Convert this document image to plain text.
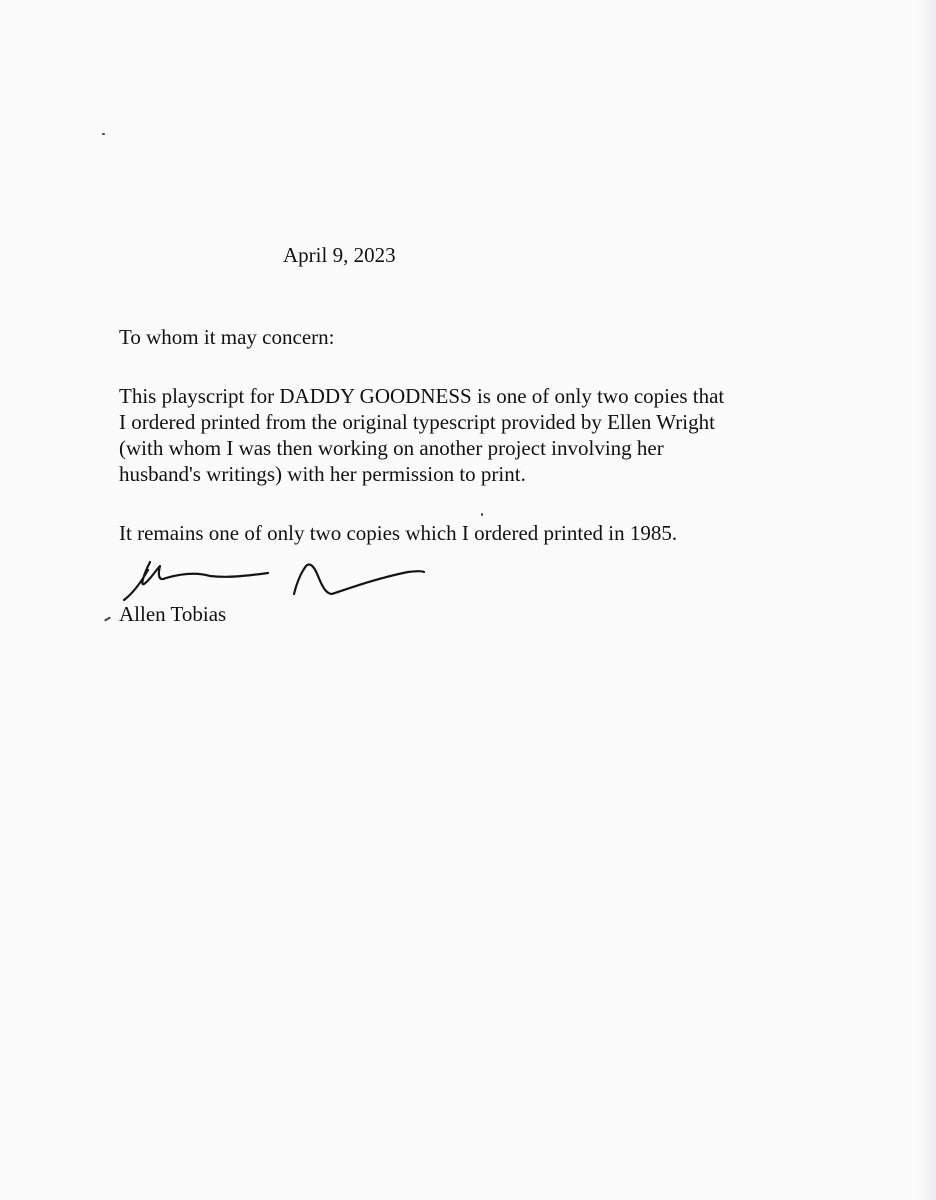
April 9, 2023
To whom it may concern:
This playscript for DADDY GOODNESS is one of only two copies that
I ordered printed from the original typescript provided by Ellen Wright
(with whom I was then working on another project involving her
husband's writings) with her permission to print.
It remains one of only two copies which I ordered printed in 1985.
Allen Tobias
